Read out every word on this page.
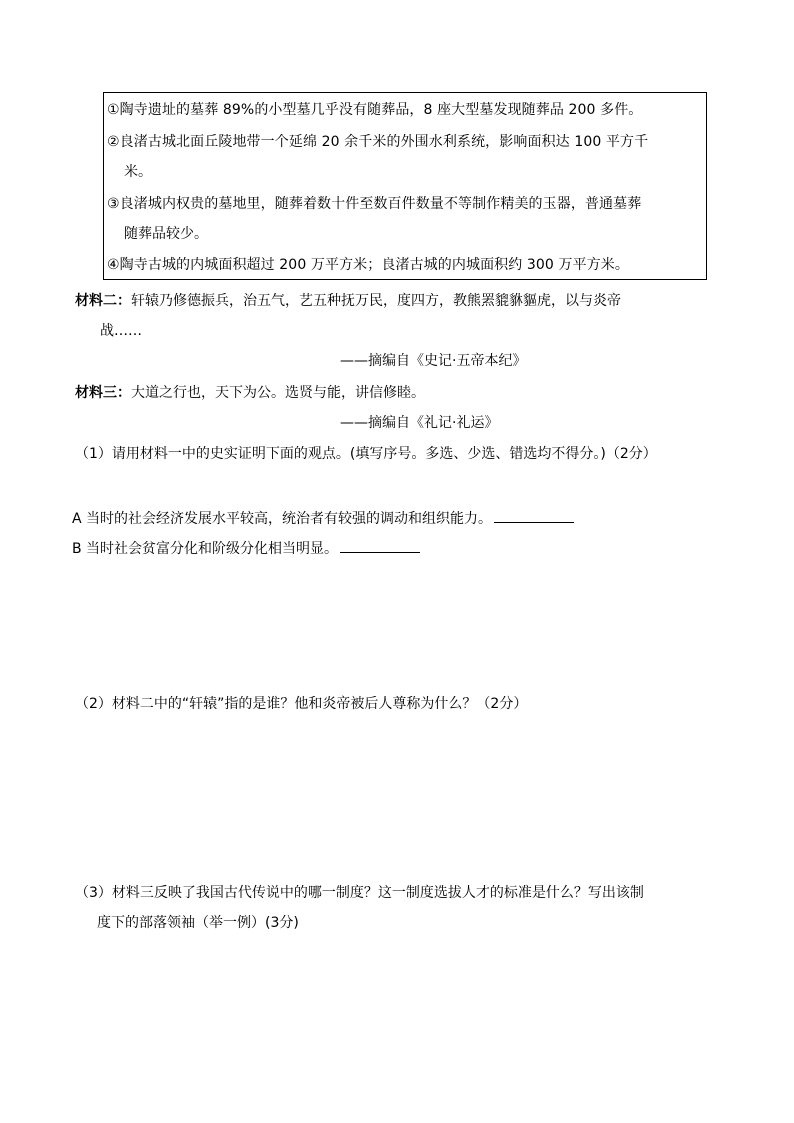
①陶寺遗址的墓葬 89%的小型墓几乎没有随葬品，8 座大型墓发现随葬品 200 多件。
②良渚古城北面丘陵地带一个延绵 20 余千米的外围水利系统，影响面积达 100 平方千
米。
③良渚城内权贵的墓地里，随葬着数十件至数百件数量不等制作精美的玉器，普通墓葬
随葬品较少。
④陶寺古城的内城面积超过 200 万平方米；良渚古城的内城面积约 300 万平方米。
材料二：轩辕乃修德振兵，治五气，艺五种抚万民，度四方，教熊罴貔貅貙虎，以与炎帝
战……
——摘编自《史记·五帝本纪》
材料三：大道之行也，天下为公。选贤与能，讲信修睦。
——摘编自《礼记·礼运》
（1）请用材料一中的史实证明下面的观点。(填写序号。多选、少选、错选均不得分。)（2分）
A 当时的社会经济发展水平较高，统治者有较强的调动和组织能力。
B 当时社会贫富分化和阶级分化相当明显。
（2）材料二中的“轩辕”指的是谁？他和炎帝被后人尊称为什么？（2分）
（3）材料三反映了我国古代传说中的哪一制度？这一制度选拔人才的标准是什么？写出该制
度下的部落领袖（举一例）(3分)
